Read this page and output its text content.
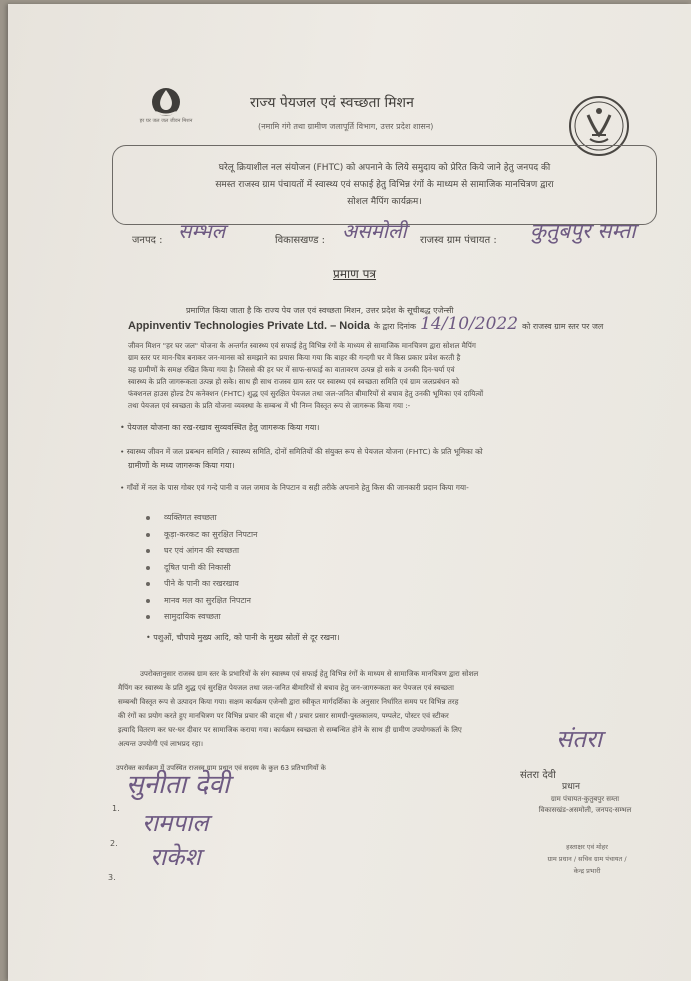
हर घर जल जल जीवन मिशन
राज्य पेयजल एवं स्वच्छता मिशन
(नमामि गंगे तथा ग्रामीण जलापूर्ति विभाग, उत्तर प्रदेश शासन)
घरेलू क्रियाशील नल संयोजन (FHTC) को अपनाने के लिये समुदाय को प्रेरित किये जाने हेतु जनपद की
समस्त राजस्व ग्राम पंचायतों में स्वास्थ्य एवं सफाई हेतु विभिन्न रंगों के माध्यम से सामाजिक मानचित्रण द्वारा
सोशल मैपिंग कार्यक्रम।
जनपद : सम्भल	विकासखण्ड : असमोली राजस्व ग्राम पंचायत : कुतुबपुर सम्ता
प्रमाण पत्र
प्रमाणित किया जाता है कि राज्य पेय जल एवं स्वच्छता मिशन, उत्तर प्रदेश के सूचीबद्ध एजेन्सी
Appinventiv Technologies Private Ltd. – Noida के द्वारा दिनांक 14/10/2022 को राजस्व ग्राम स्तर पर जल
जीवन मिशन "हर घर जल" योजना के अन्तर्गत स्वास्थ्य एवं सफाई हेतु विभिन्न रंगों के माध्यम से सामाजिक मानचित्रण द्वारा सोशल मैपिंग
ग्राम स्तर पर मान-चित्र बनाकर जन-मानस को समझाने का प्रयास किया गया कि बाहर की गन्दगी घर में किस प्रकार प्रवेश करती है
यह ग्रामीणों के समक्ष रखित किया गया है। जिससे की हर घर में साफ-सफाई का वातावरण उत्पन्न हो सके व उनकी दिन-चर्या एवं
स्वास्थ्य के प्रति जागरूकता उत्पन्न हो सके। साथ ही साथ राजस्व ग्राम स्तर पर स्वास्थ्य एवं स्वच्छता समिति एवं ग्राम जलप्रबंधन को
फंक्शनल हाउस होल्ड टैप कनेक्शन (FHTC) शुद्ध एवं सुरक्षित पेयजल तथा जल-जनित बीमारियों से बचाव हेतु उनकी भूमिका एवं दायित्वों
तथा पेयजल एवं स्वच्छता के प्रति योजना व्यवस्था के सम्बन्ध में भी निम्न विस्तृत रूप से जागरूक किया गया :-
• पेयजल योजना का रख-रखाव सुव्यवस्थित हेतु जागरूक किया गया।
• स्वास्थ्य जीवन में जल प्रबन्धन समिति / स्वास्थ्य समिति, दोनों समितियों की संयुक्त रूप से पेयजल योजना (FHTC) के प्रति भूमिका को
ग्रामीणों के मध्य जागरूक किया गया।
• गाँवों में नल के पास गोबर एवं गन्दे पानी व जल जमाव के निपटान व सही तरीके अपनाने हेतु किस की जानकारी प्रदान किया गया-
व्यक्तिगत स्वच्छता
कूड़ा-करकट का सुरक्षित निपटान
घर एवं आंगन की स्वच्छता
दूषित पानी की निकासी
पीने के पानी का रखरखाव
मानव मल का सुरक्षित निपटान
सामुदायिक स्वच्छता
• पशुओं, चौपाये मुख्य आदि, को पानी के मुख्य स्रोतों से दूर रखना।
उपरोक्तानुसार राजस्व ग्राम स्तर के प्रभारियों के संग स्वास्थ्य एवं सफाई हेतु विभिन्न रंगों के माध्यम से सामाजिक मानचित्रण द्वारा सोशल
मैपिंग कर स्वास्थ्य के प्रति शुद्ध एवं सुरक्षित पेयजल तथा जल-जनित बीमारियों से बचाव हेतु जन-जागरूकता कर पेयजल एवं स्वच्छता
सम्बन्धी विस्तृत रूप से उत्पादन किया गया। सक्षम कार्यक्रम एजेन्सी द्वारा स्वीकृत मार्गदर्शिका के अनुसार निर्धारित समय पर विभिन्न तरह
की रंगों का प्रयोग करते हुए मानचित्रण पर विभिन्न प्रचार की वाट्स थी / प्रचार प्रसार सामग्री-पुस्तकालय, पम्पलेट, पोस्टर एवं स्टीकर
इत्यादि वितरण कर घर-घर दीवार पर सामाजिक कराया गया। कार्यक्रम स्वच्छता से सम्बन्धित होने के साथ ही ग्रामीण उपयोगकर्ता के लिए
अत्यन्त उपयोगी एवं लाभप्रद रहा।
उपरोक्त कार्यक्रम में उपस्थित राजस्व ग्राम प्रधान एवं सदस्य के कुल 63 प्रतिभागियों के
1.
सुनीता देवी
2.
रामपाल
3.
राकेश
संतरा
संतरा देवी
प्रधान
ग्राम पंचायत-कुतुबपुर सम्ता
विकासखंड-असमोली, जनपद-सम्भल
हस्ताक्षर एवं मोहर
ग्राम प्रधान / सचिव ग्राम पंचायत /
केन्द्र प्रभारी
